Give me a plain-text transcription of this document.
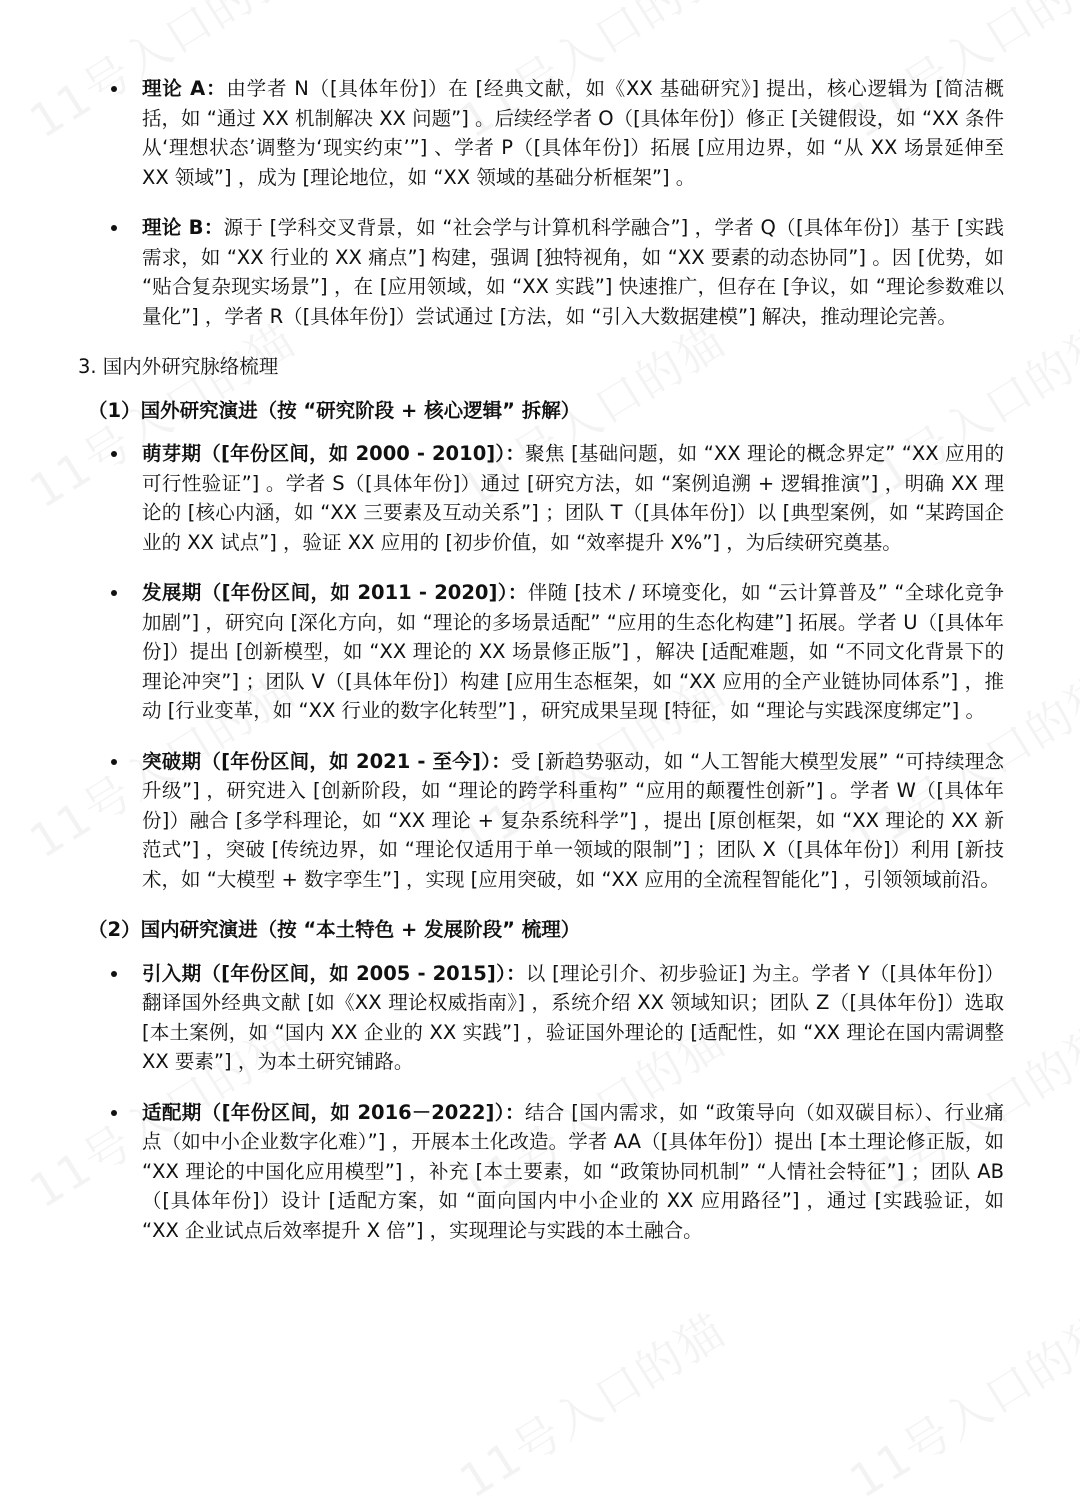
理论 A：由学者 N（[具体年份]）在 [经典文献，如《XX 基础研究》] 提出，核心逻辑为 [简洁概括，如 “通过 XX 机制解决 XX 问题”] 。后续经学者 O（[具体年份]）修正 [关键假设，如 “XX 条件从‘理想状态’调整为‘现实约束’”] 、学者 P（[具体年份]）拓展 [应用边界，如 “从 XX 场景延伸至 XX 领域”] ，成为 [理论地位，如 “XX 领域的基础分析框架”] 。
理论 B：源于 [学科交叉背景，如 “社会学与计算机科学融合”] ，学者 Q（[具体年份]）基于 [实践需求，如 “XX 行业的 XX 痛点”] 构建，强调 [独特视角，如 “XX 要素的动态协同”] 。因 [优势，如 “贴合复杂现实场景”] ，在 [应用领域，如 “XX 实践”] 快速推广，但存在 [争议，如 “理论参数难以量化”] ，学者 R（[具体年份]）尝试通过 [方法，如 “引入大数据建模”] 解决，推动理论完善。
3. 国内外研究脉络梳理
（1）国外研究演进（按 “研究阶段 + 核心逻辑” 拆解）
萌芽期（[年份区间，如 2000 - 2010]）：聚焦 [基础问题，如 “XX 理论的概念界定” “XX 应用的可行性验证”] 。学者 S（[具体年份]）通过 [研究方法，如 “案例追溯 + 逻辑推演”] ，明确 XX 理论的 [核心内涵，如 “XX 三要素及互动关系”] ；团队 T（[具体年份]）以 [典型案例，如 “某跨国企业的 XX 试点”] ，验证 XX 应用的 [初步价值，如 “效率提升 X%”] ，为后续研究奠基。
发展期（[年份区间，如 2011 - 2020]）：伴随 [技术 / 环境变化，如 “云计算普及” “全球化竞争加剧”] ，研究向 [深化方向，如 “理论的多场景适配” “应用的生态化构建”] 拓展。学者 U（[具体年份]）提出 [创新模型，如 “XX 理论的 XX 场景修正版”] ，解决 [适配难题，如 “不同文化背景下的理论冲突”] ；团队 V（[具体年份]）构建 [应用生态框架，如 “XX 应用的全产业链协同体系”] ，推动 [行业变革，如 “XX 行业的数字化转型”] ，研究成果呈现 [特征，如 “理论与实践深度绑定”] 。
突破期（[年份区间，如 2021 - 至今]）：受 [新趋势驱动，如 “人工智能大模型发展” “可持续理念升级”] ，研究进入 [创新阶段，如 “理论的跨学科重构” “应用的颠覆性创新”] 。学者 W（[具体年份]）融合 [多学科理论，如 “XX 理论 + 复杂系统科学”] ，提出 [原创框架，如 “XX 理论的 XX 新范式”] ，突破 [传统边界，如 “理论仅适用于单一领域的限制”] ；团队 X（[具体年份]）利用 [新技术，如 “大模型 + 数字孪生”] ，实现 [应用突破，如 “XX 应用的全流程智能化”] ，引领领域前沿。
（2）国内研究演进（按 “本土特色 + 发展阶段” 梳理）
引入期（[年份区间，如 2005 - 2015]）：以 [理论引介、初步验证] 为主。学者 Y（[具体年份]）翻译国外经典文献 [如《XX 理论权威指南》] ，系统介绍 XX 领域知识；团队 Z（[具体年份]）选取 [本土案例，如 “国内 XX 企业的 XX 实践”] ，验证国外理论的 [适配性，如 “XX 理论在国内需调整 XX 要素”] ，为本土研究铺路。
适配期（[年份区间，如 2016－2022]）：结合 [国内需求，如 “政策导向（如双碳目标）、行业痛点（如中小企业数字化难）”] ，开展本土化改造。学者 AA（[具体年份]）提出 [本土理论修正版，如 “XX 理论的中国化应用模型”] ，补充 [本土要素，如 “政策协同机制” “人情社会特征”] ；团队 AB（[具体年份]）设计 [适配方案，如 “面向国内中小企业的 XX 应用路径”] ，通过 [实践验证，如 “XX 企业试点后效率提升 X 倍”] ，实现理论与实践的本土融合。
